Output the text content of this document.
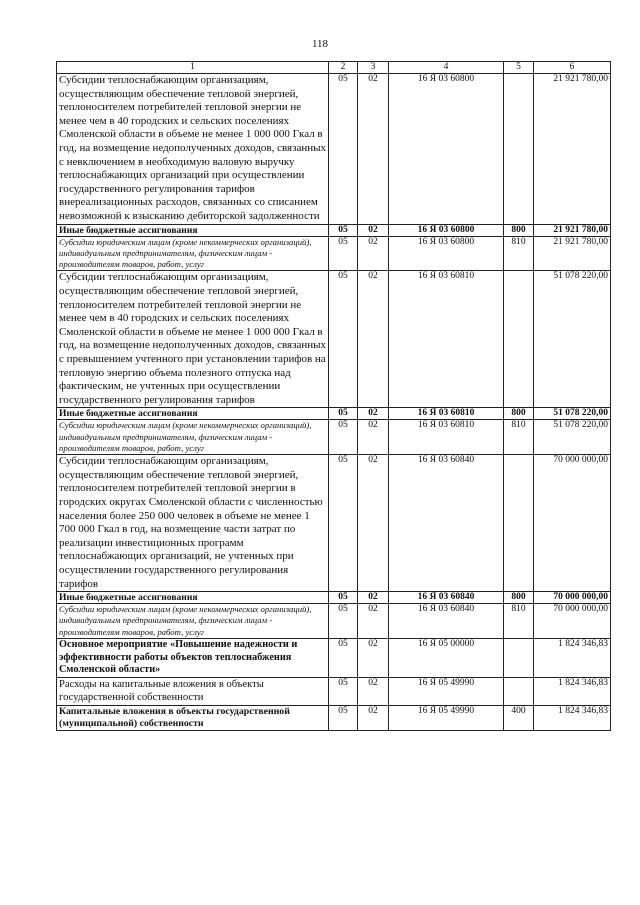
118
1	2	3	4	5	6
Субсидии теплоснабжающим организациям, осуществляющим обеспечение тепловой энергией, теплоносителем потребителей тепловой энергии не менее чем в 40 городских и сельских поселениях Смоленской области в объеме не менее 1 000 000 Гкал в год, на возмещение недополученных доходов, связанных с невключением в необходимую валовую выручку теплоснабжающих организаций при осуществлении государственного регулирования тарифов внереализационных расходов, связанных со списанием невозможной к взысканию дебиторской задолженности	05	02	16 Я 03 60800		21 921 780,00
Иные бюджетные ассигнования	05	02	16 Я 03 60800	800	21 921 780,00
Субсидии юридическим лицам (кроме некоммерческих организаций), индивидуальным предпринимателям, физическим лицам - производителям товаров, работ, услуг	05	02	16 Я 03 60800	810	21 921 780,00
Субсидии теплоснабжающим организациям, осуществляющим обеспечение тепловой энергией, теплоносителем потребителей тепловой энергии не менее чем в 40 городских и сельских поселениях Смоленской области в объеме не менее 1 000 000 Гкал в год, на возмещение недополученных доходов, связанных с превышением учтенного при установлении тарифов на тепловую энергию объема полезного отпуска над фактическим, не учтенных при осуществлении государственного регулирования тарифов	05	02	16 Я 03 60810		51 078 220,00
Иные бюджетные ассигнования	05	02	16 Я 03 60810	800	51 078 220,00
Субсидии юридическим лицам (кроме некоммерческих организаций), индивидуальным предпринимателям, физическим лицам - производителям товаров, работ, услуг	05	02	16 Я 03 60810	810	51 078 220,00
Субсидии теплоснабжающим организациям, осуществляющим обеспечение тепловой энергией, теплоносителем потребителей тепловой энергии в городских округах Смоленской области с численностью населения более 250 000 человек в объеме не менее 1 700 000 Гкал в год, на возмещение части затрат по реализации инвестиционных программ теплоснабжающих организаций, не учтенных при осуществлении государственного регулирования тарифов	05	02	16 Я 03 60840		70 000 000,00
Иные бюджетные ассигнования	05	02	16 Я 03 60840	800	70 000 000,00
Субсидии юридическим лицам (кроме некоммерческих организаций), индивидуальным предпринимателям, физическим лицам - производителям товаров, работ, услуг	05	02	16 Я 03 60840	810	70 000 000,00
Основное мероприятие «Повышение надежности и эффективности работы объектов теплоснабжения Смоленской области»	05	02	16 Я 05 00000		1 824 346,83
Расходы на капитальные вложения в объекты государственной собственности	05	02	16 Я 05 49990		1 824 346,83
Капитальные вложения в объекты государственной (муниципальной) собственности	05	02	16 Я 05 49990	400	1 824 346,83
